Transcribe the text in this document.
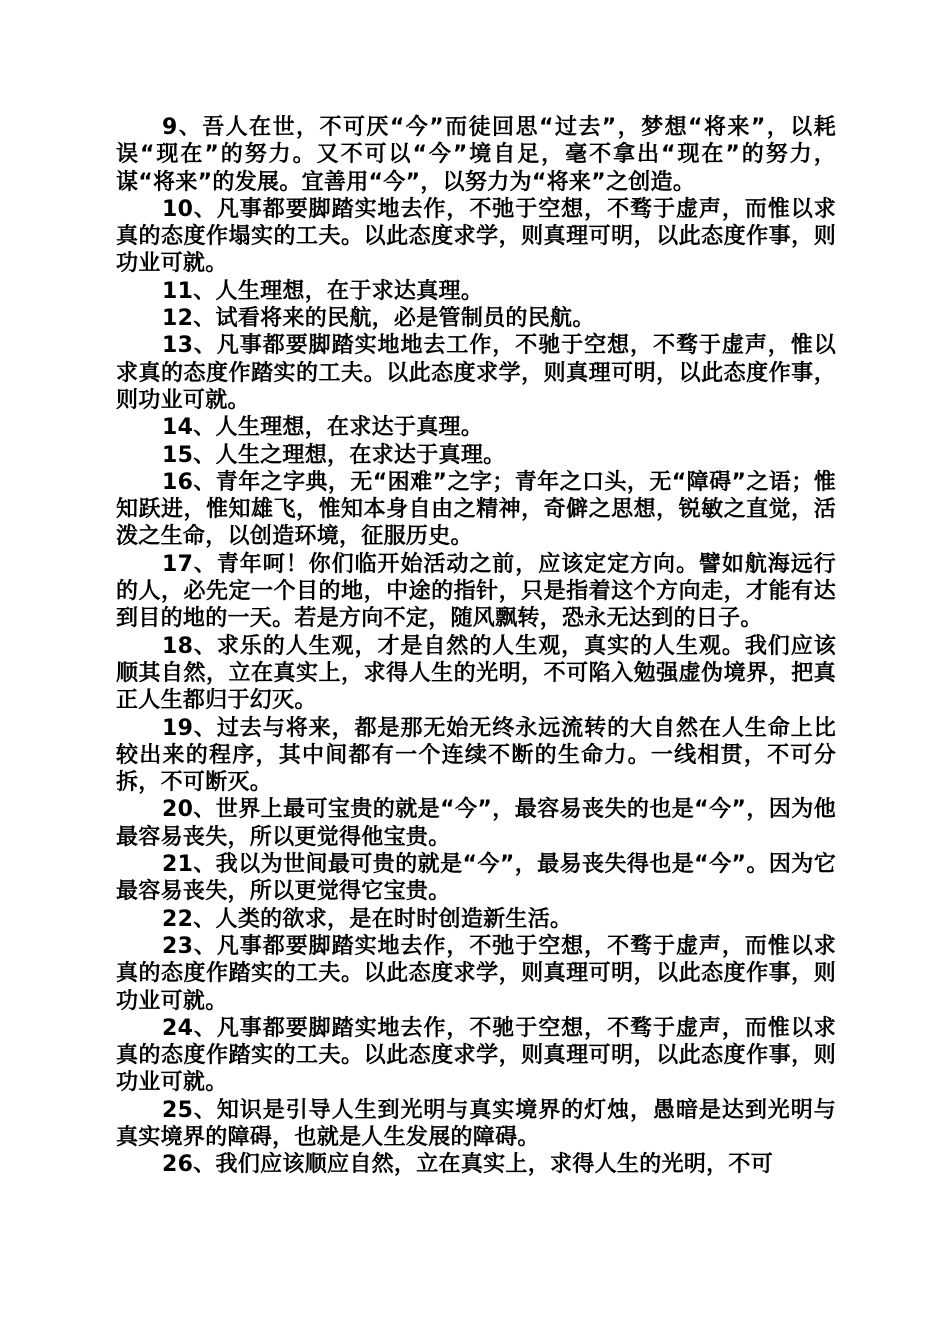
9、吾人在世，不可厌“今”而徒回思“过去”，梦想“将来”，以耗误“现在”的努力。又不可以“今”境自足，毫不拿出“现在”的努力，谋“将来”的发展。宜善用“今”，以努力为“将来”之创造。

10、凡事都要脚踏实地去作，不弛于空想，不骛于虚声，而惟以求真的态度作塌实的工夫。以此态度求学，则真理可明，以此态度作事，则功业可就。

11、人生理想，在于求达真理。

12、试看将来的民航，必是管制员的民航。

13、凡事都要脚踏实地地去工作，不驰于空想，不骛于虚声，惟以求真的态度作踏实的工夫。以此态度求学，则真理可明，以此态度作事，则功业可就。

14、人生理想，在求达于真理。

15、人生之理想，在求达于真理。

16、青年之字典，无“困难”之字；青年之口头，无“障碍”之语；惟知跃进，惟知雄飞，惟知本身自由之精神，奇僻之思想，锐敏之直觉，活泼之生命，以创造环境，征服历史。

17、青年呵！你们临开始活动之前，应该定定方向。譬如航海远行的人，必先定一个目的地，中途的指针，只是指着这个方向走，才能有达到目的地的一天。若是方向不定，随风飘转，恐永无达到的日子。

18、求乐的人生观，才是自然的人生观，真实的人生观。我们应该顺其自然，立在真实上，求得人生的光明，不可陷入勉强虚伪境界，把真正人生都归于幻灭。

19、过去与将来，都是那无始无终永远流转的大自然在人生命上比较出来的程序，其中间都有一个连续不断的生命力。一线相贯，不可分拆，不可断灭。

20、世界上最可宝贵的就是“今”，最容易丧失的也是“今”，因为他最容易丧失，所以更觉得他宝贵。

21、我以为世间最可贵的就是“今”，最易丧失得也是“今”。因为它最容易丧失，所以更觉得它宝贵。

22、人类的欲求，是在时时创造新生活。

23、凡事都要脚踏实地去作，不弛于空想，不骛于虚声，而惟以求真的态度作踏实的工夫。以此态度求学，则真理可明，以此态度作事，则功业可就。

24、凡事都要脚踏实地去作，不驰于空想，不骛于虚声，而惟以求真的态度作踏实的工夫。以此态度求学，则真理可明，以此态度作事，则功业可就。

25、知识是引导人生到光明与真实境界的灯烛，愚暗是达到光明与真实境界的障碍，也就是人生发展的障碍。

26、我们应该顺应自然，立在真实上，求得人生的光明，不可
